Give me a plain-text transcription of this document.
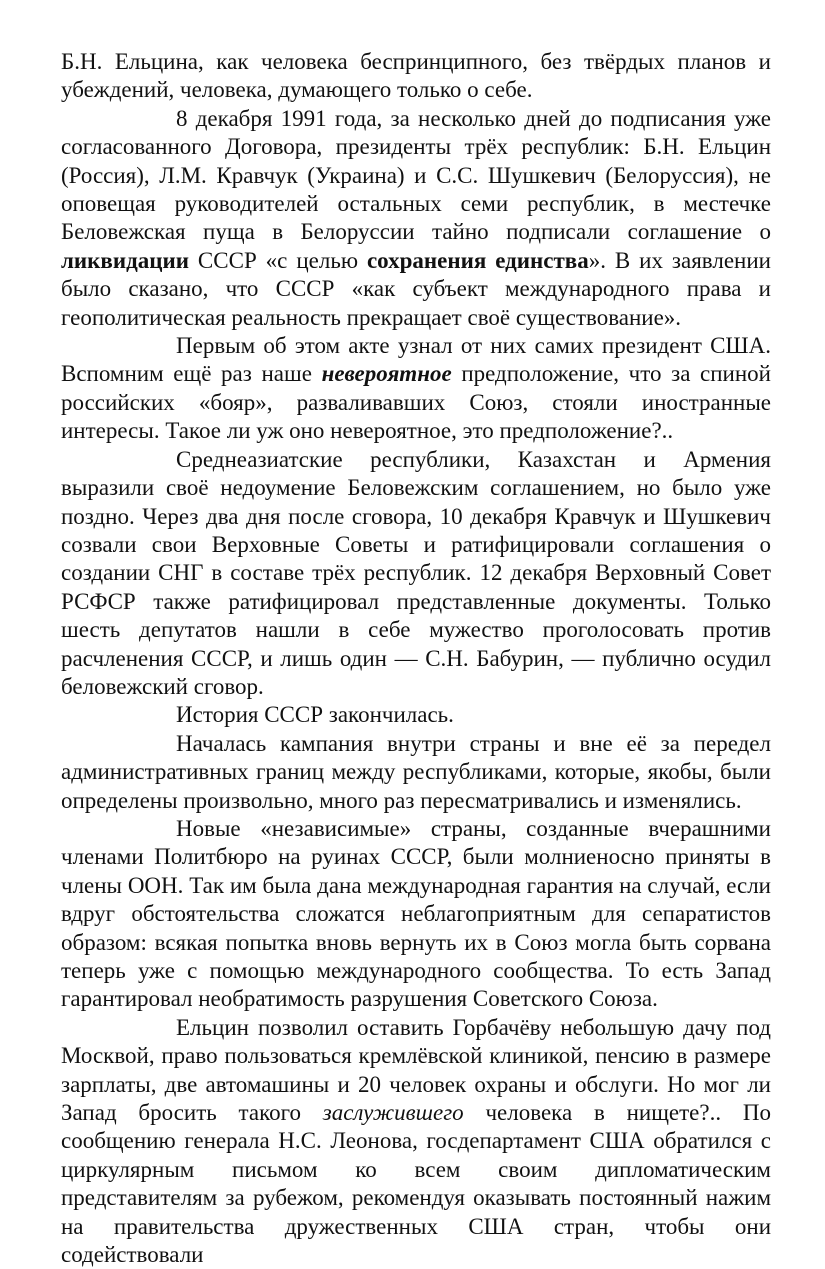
Б.Н. Ельцина, как человека беспринципного, без твёрдых планов и убеждений, человека, думающего только о себе.

8 декабря 1991 года, за несколько дней до подписания уже согласованного Договора, президенты трёх республик: Б.Н. Ельцин (Россия), Л.М. Кравчук (Украина) и С.С. Шушкевич (Белоруссия), не оповещая руководителей остальных семи республик, в местечке Беловежская пуща в Белоруссии тайно подписали соглашение о ликвидации СССР «с целью сохранения единства». В их заявлении было сказано, что СССР «как субъект международного права и геополитическая реальность прекращает своё существование».

Первым об этом акте узнал от них самих президент США. Вспомним ещё раз наше невероятное предположение, что за спиной российских «бояр», разваливавших Союз, стояли иностранные интересы. Такое ли уж оно невероятное, это предположение?..

Среднеазиатские республики, Казахстан и Армения выразили своё недоумение Беловежским соглашением, но было уже поздно. Через два дня после сговора, 10 декабря Кравчук и Шушкевич созвали свои Верховные Советы и ратифицировали соглашения о создании СНГ в составе трёх республик. 12 декабря Верховный Совет РСФСР также ратифицировал представленные документы. Только шесть депутатов нашли в себе мужество проголосовать против расчленения СССР, и лишь один — С.Н. Бабурин, — публично осудил беловежский сговор.

История СССР закончилась.

Началась кампания внутри страны и вне её за передел административных границ между республиками, которые, якобы, были определены произвольно, много раз пересматривались и изменялись.

Новые «независимые» страны, созданные вчерашними членами Политбюро на руинах СССР, были молниеносно приняты в члены ООН. Так им была дана международная гарантия на случай, если вдруг обстоятельства сложатся неблагоприятным для сепаратистов образом: всякая попытка вновь вернуть их в Союз могла быть сорвана теперь уже с помощью международного сообщества. То есть Запад гарантировал необратимость разрушения Советского Союза.

Ельцин позволил оставить Горбачёву небольшую дачу под Москвой, право пользоваться кремлёвской клиникой, пенсию в размере зарплаты, две автомашины и 20 человек охраны и обслуги. Но мог ли Запад бросить такого заслужившего человека в нищете?.. По сообщению генерала Н.С. Леонова, госдепартамент США обратился с циркулярным письмом ко всем своим дипломатическим представителям за рубежом, рекомендуя оказывать постоянный нажим на правительства дружественных США стран, чтобы они содействовали
